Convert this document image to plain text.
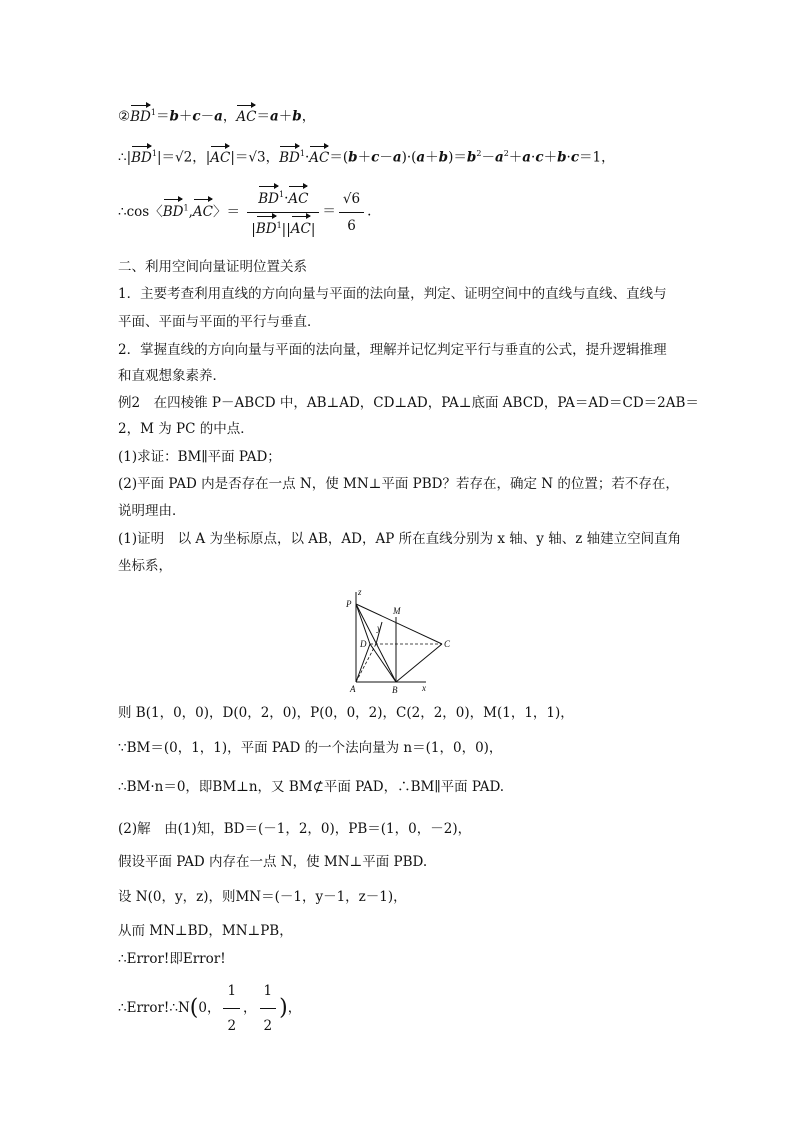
$②BD^1=b+c-a$，AC＝a＋b，
$\therefore|BD^1|=√2$，|AC|＝√3，$BD^1\cdot AC=(b+c-a)\cdot(a+b)=b^2-a^2+a\cdot c+b\cdot c=1$，
∴cos〈$BD^1,AC$〉＝ $\frac{BD^1\cdot AC}{|BD^1||AC|} = \frac{√6}{6}$ .
二、利用空间向量证明位置关系
1．主要考查利用直线的方向向量与平面的法向量，判定、证明空间中的直线与直线、直线与
平面、平面与平面的平行与垂直．
2．掌握直线的方向向量与平面的法向量，理解并记忆判定平行与垂直的公式，提升逻辑推理
和直观想象素养．
例2　在四棱锥 P－ABCD 中，AB⊥AD，CD⊥AD，PA⊥底面 ABCD，PA＝AD＝CD＝2AB＝
2，M 为 PC 的中点．
(1)求证：BM∥平面 PAD；
(2)平面 PAD 内是否存在一点 N，使 MN⊥平面 PBD？若存在，确定 N 的位置；若不存在，
说明理由．
(1)证明　以 A 为坐标原点，以 AB，AD，AP 所在直线分别为 x 轴、y 轴、z 轴建立空间直角
坐标系，
P
z
M
y
C
D
A	B	x
则 B(1，0，0)，D(0，2，0)，P(0，0，2)，C(2，2，0)，M(1，1，1)，
∵BM＝(0，1，1)，平面 PAD 的一个法向量为 n＝(1，0，0)，
∴BM·n＝0，即BM⊥n，又 BM⊄平面 PAD，∴BM∥平面 PAD.
(2)解　由(1)知，BD＝(－1，2，0)，PB＝(1，0，－2)，
假设平面 PAD 内存在一点 N，使 MN⊥平面 PBD.
设 N(0，y，z)，则MN＝(－1，y－1，z－1)，
从而 MN⊥BD，MN⊥PB，
∴Error!即Error!
∴Error!∴N(0， $\frac{1}{2}$ ， $\frac{1}{2}$ )，
